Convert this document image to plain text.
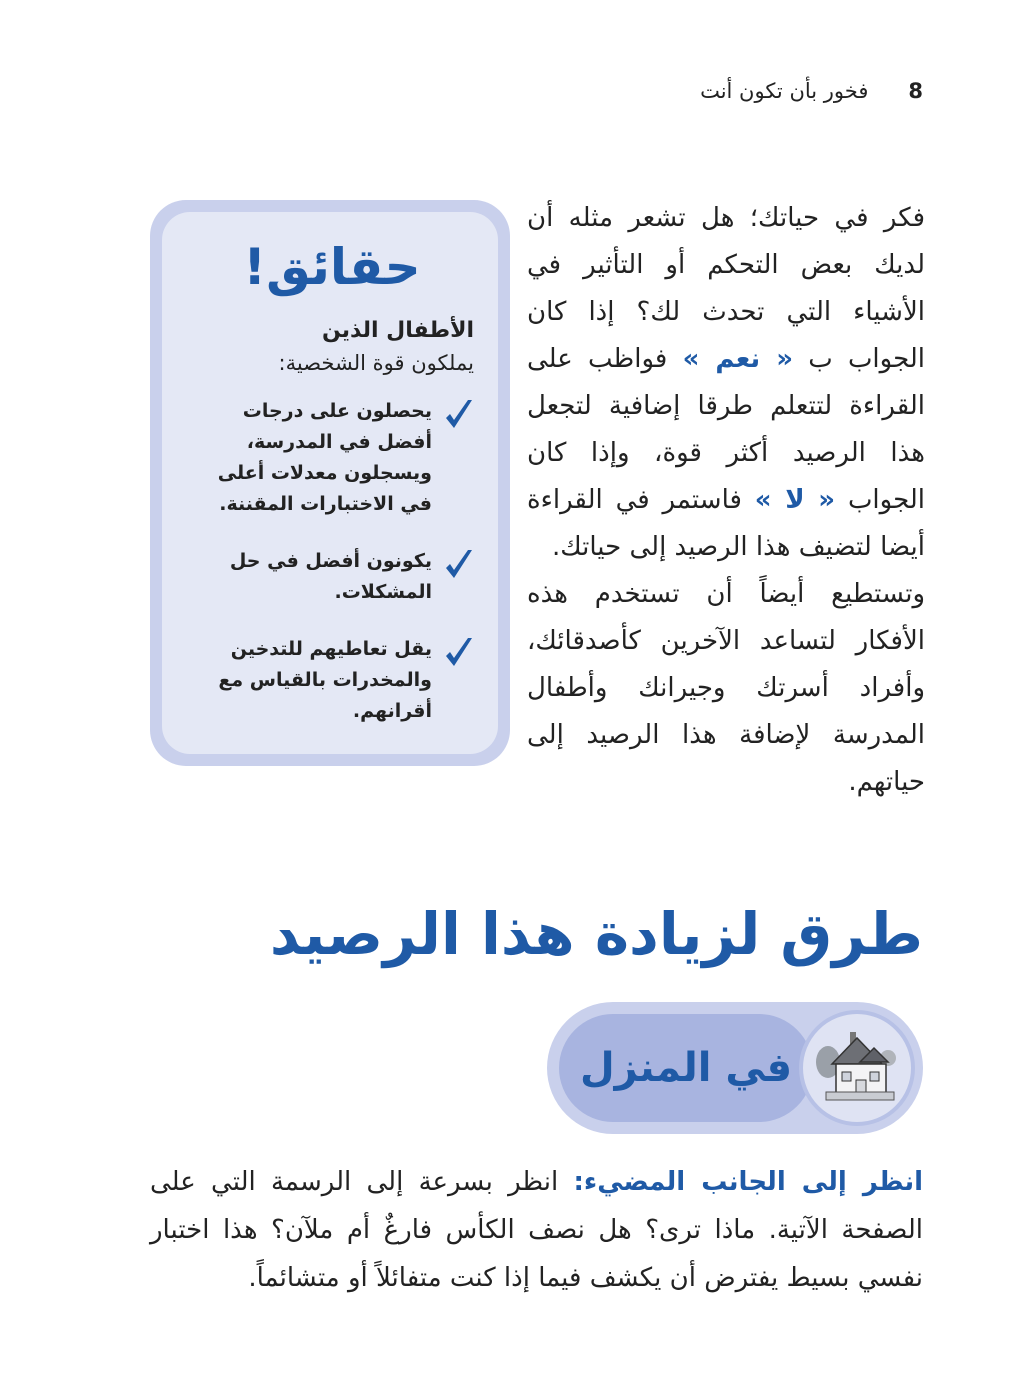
8
فخور بأن تكون أنت

فكر في حياتك؛ هل تشعر مثله أن لديك بعض التحكم أو التأثير في الأشياء التي تحدث لك؟ إذا كان الجواب ب « نعم » فواظب على القراءة لتتعلم طرقا إضافية لتجعل هذا الرصيد أكثر قوة، وإذا كان الجواب « لا » فاستمر في القراءة أيضا لتضيف هذا الرصيد إلى حياتك.

وتستطيع أيضاً أن تستخدم هذه الأفكار لتساعد الآخرين كأصدقائك، وأفراد أسرتك وجيرانك وأطفال المدرسة لإضافة هذا الرصيد إلى حياتهم.

حقائق!

الأطفال الذين

يملكون قوة الشخصية:

يحصلون على درجات أفضل في المدرسة، ويسجلون معدلات أعلى في الاختبارات المقننة.

يكونون أفضل في حل المشكلات.

يقل تعاطيهم للتدخين والمخدرات بالقياس مع أقرانهم.

طرق لزيادة هذا الرصيد
في المنزل

انظر إلى الجانب المضيء: انظر بسرعة إلى الرسمة التي على الصفحة الآتية. ماذا ترى؟ هل نصف الكأس فارغٌ أم ملآن؟ هذا اختبار نفسي بسيط يفترض أن يكشف فيما إذا كنت متفائلاً أو متشائماً.
